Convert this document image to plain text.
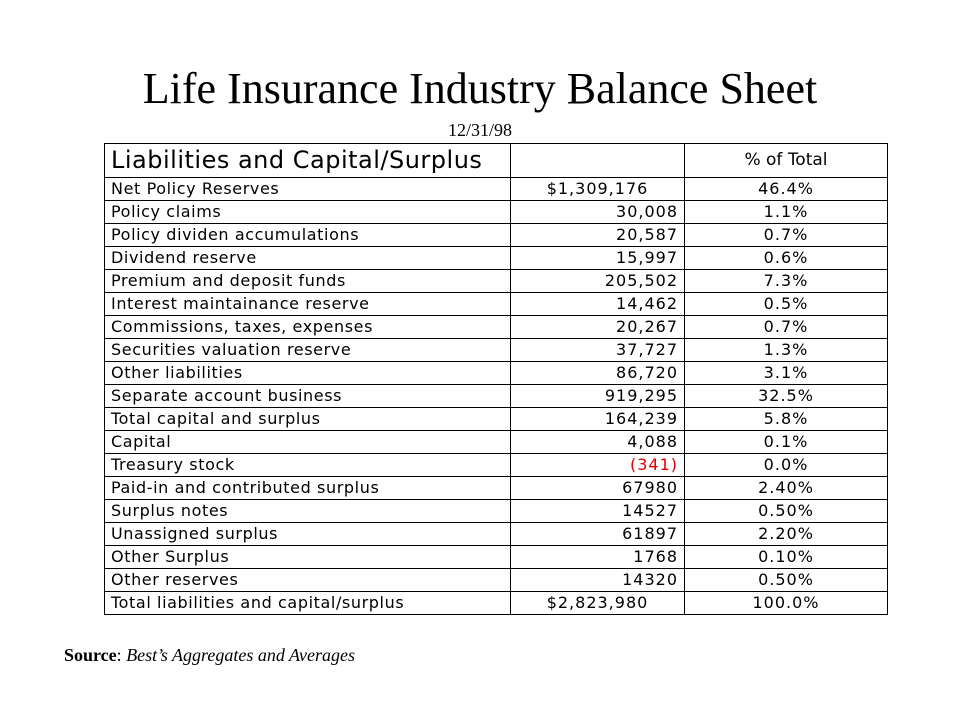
Life Insurance Industry Balance Sheet
12/31/98
Liabilities and Capital/Surplus		% of Total
Net Policy Reserves	$1,309,176	46.4%
Policy claims	30,008	1.1%
Policy dividen accumulations	20,587	0.7%
Dividend reserve	15,997	0.6%
Premium and deposit funds	205,502	7.3%
Interest maintainance reserve	14,462	0.5%
Commissions, taxes, expenses	20,267	0.7%
Securities valuation reserve	37,727	1.3%
Other liabilities	86,720	3.1%
Separate account business	919,295	32.5%
Total capital and surplus	164,239	5.8%
Capital	4,088	0.1%
Treasury stock	(341)	0.0%
Paid-in and contributed surplus	67980	2.40%
Surplus notes	14527	0.50%
Unassigned surplus	61897	2.20%
Other Surplus	1768	0.10%
Other reserves	14320	0.50%
Total liabilities and capital/surplus	$2,823,980	100.0%
Source: Best’s Aggregates and Averages
